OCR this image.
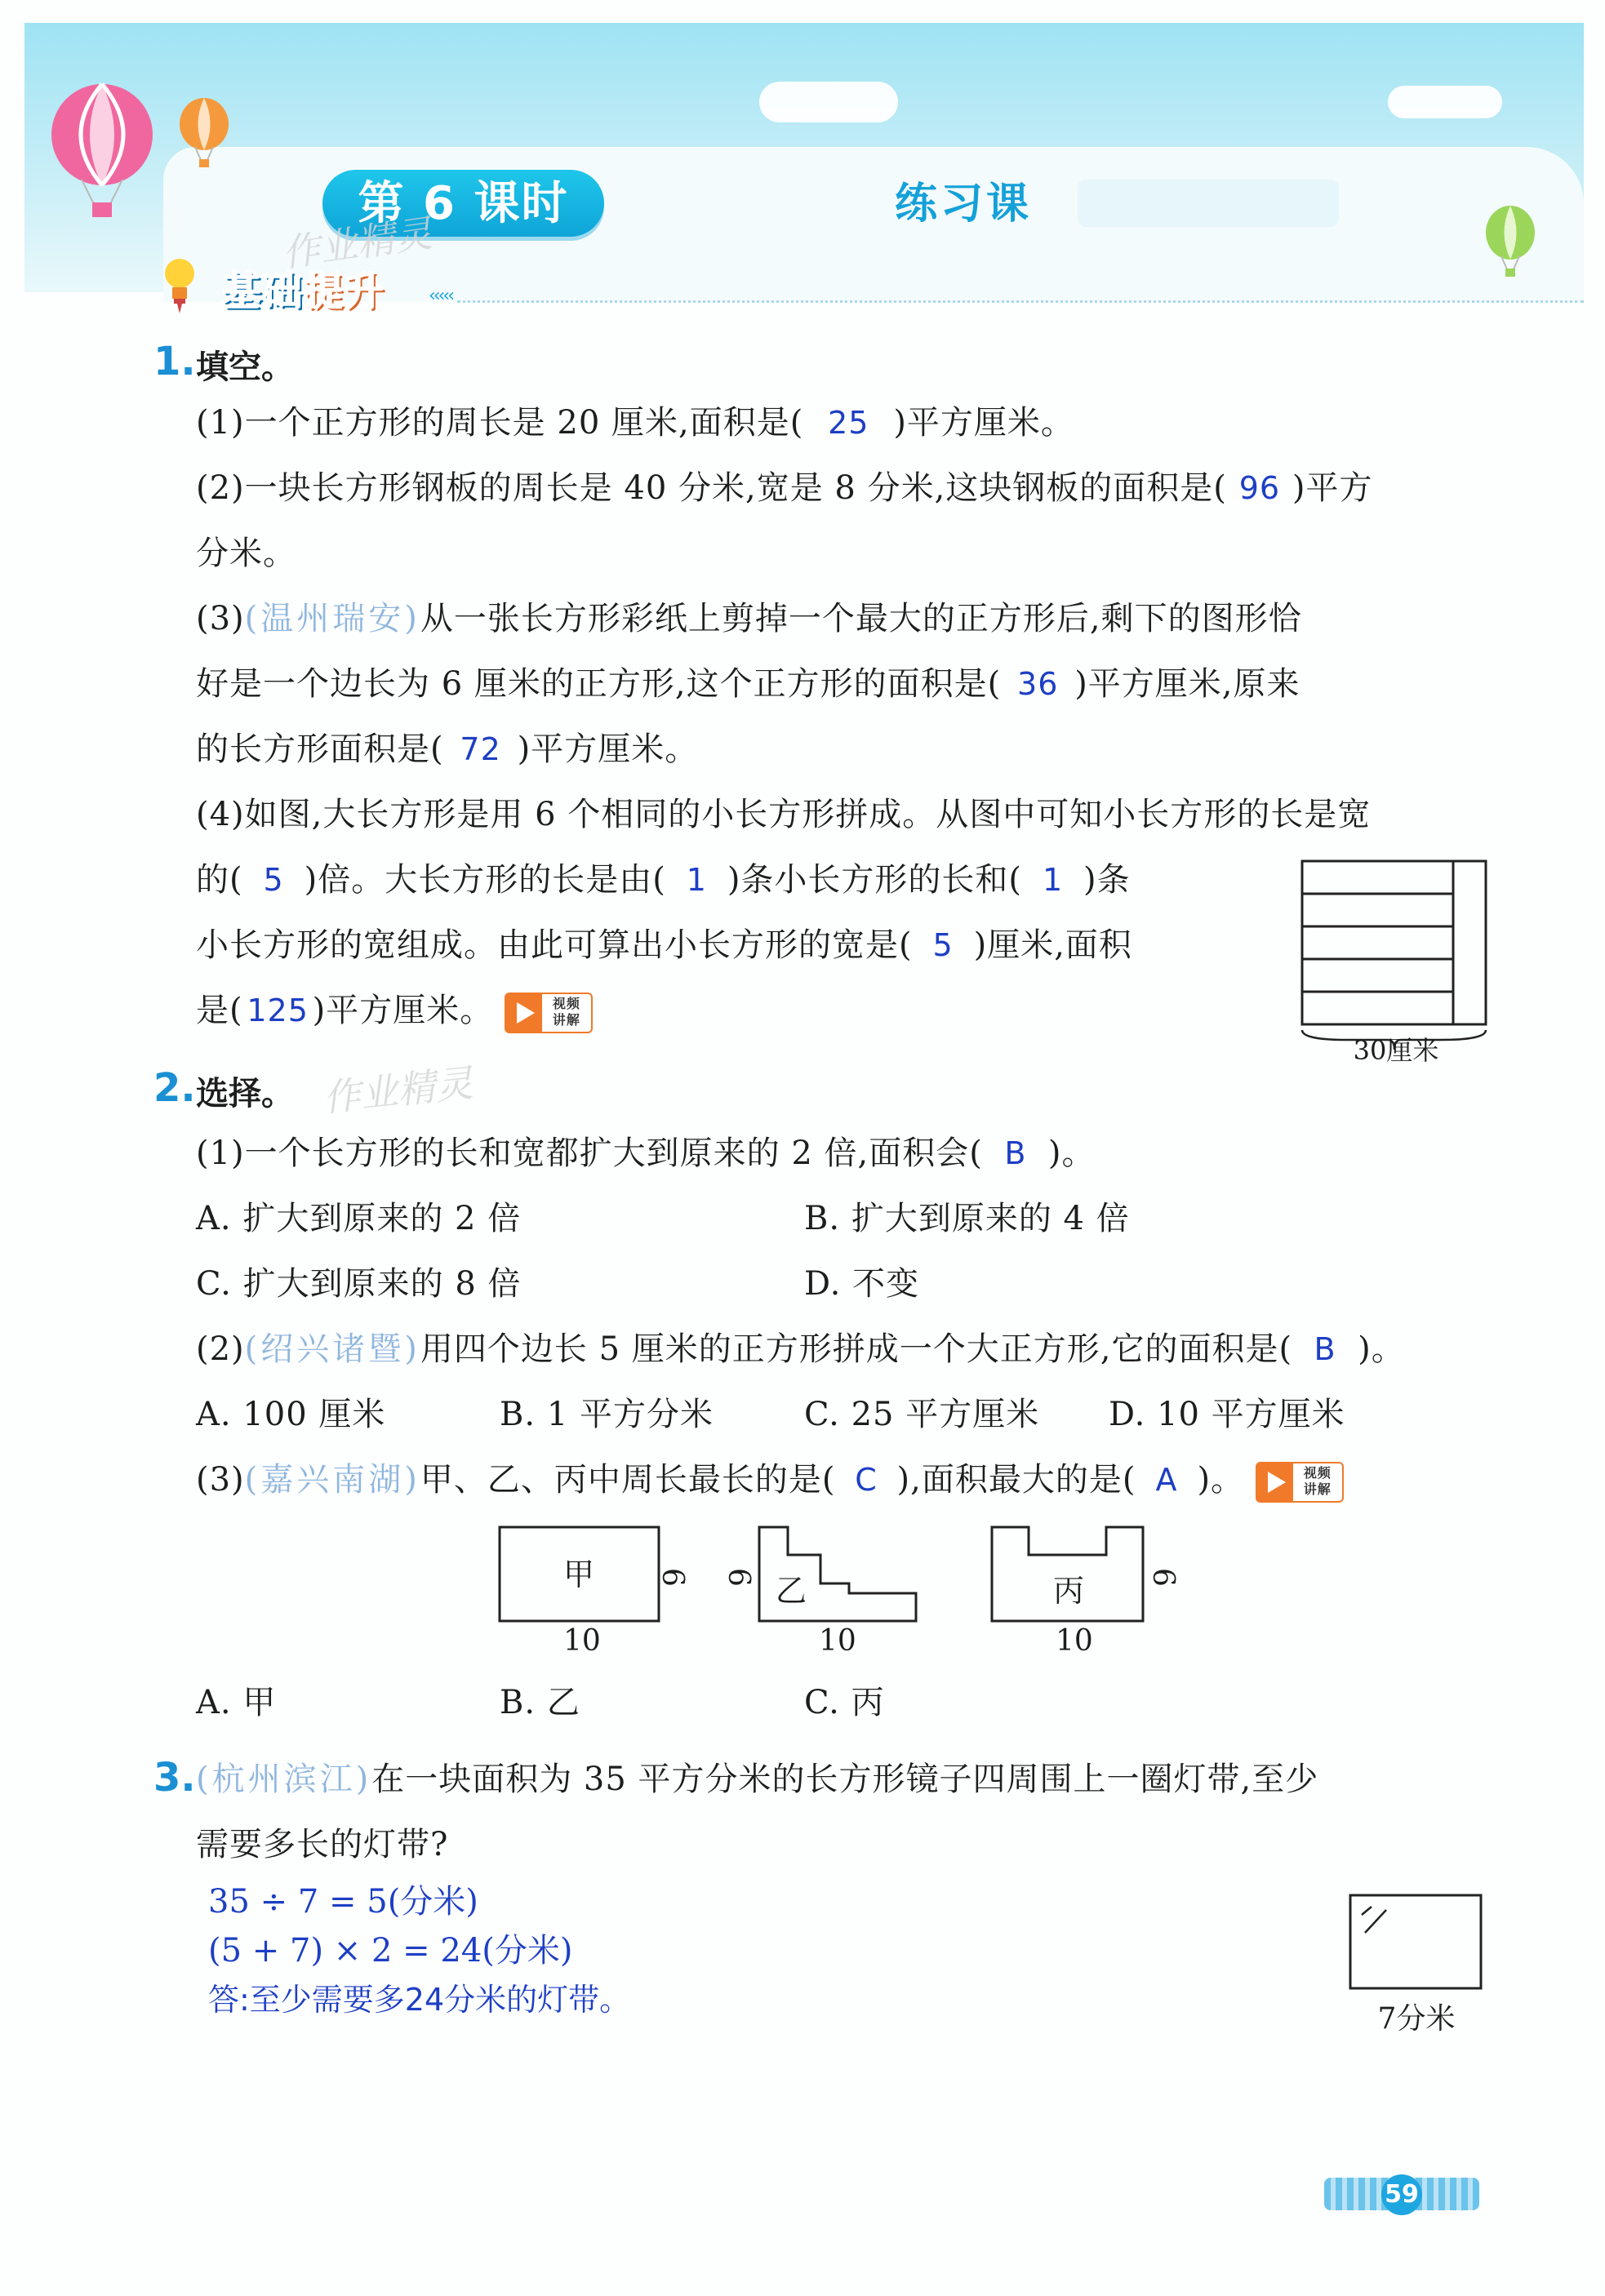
第 6 课时	练习课
作业精灵
基础提升 ‹‹‹‹‹
1. 填空。
(1)一个正方形的周长是 20 厘米,面积是( 25 )平方厘米。
(2)一块长方形钢板的周长是 40 分米,宽是 8 分米,这块钢板的面积是( 96 )平方
分米。
(3)(温州瑞安)从一张长方形彩纸上剪掉一个最大的正方形后,剩下的图形恰
好是一个边长为 6 厘米的正方形,这个正方形的面积是( 36 )平方厘米,原来
的长方形面积是( 72 )平方厘米。
(4)如图,大长方形是用 6 个相同的小长方形拼成。从图中可知小长方形的长是宽
的( 5 )倍。大长方形的长是由( 1 )条小长方形的长和( 1 )条
小长方形的宽组成。由此可算出小长方形的宽是( 5 )厘米,面积
是( 125 )平方厘米。	视频
讲解
30厘米
2. 选择。 作业精灵
(1)一个长方形的长和宽都扩大到原来的 2 倍,面积会( B )。
A. 扩大到原来的 2 倍	B. 扩大到原来的 4 倍
C. 扩大到原来的 8 倍	D. 不变
(2)(绍兴诸暨)用四个边长 5 厘米的正方形拼成一个大正方形,它的面积是( B )。
A. 100 厘米	B. 1 平方分米	C. 25 平方厘米 D. 10 平方厘米
(3)(嘉兴南湖)甲、乙、丙中周长最长的是( C ),面积最大的是( A )。	视频
讲解
甲	乙	丙
6 6	6
10	10	10
A. 甲	B. 乙	C. 丙
3. (杭州滨江)在一块面积为 35 平方分米的长方形镜子四周围上一圈灯带,至少
需要多长的灯带?
35 ÷ 7 = 5(分米)
(5 + 7) × 2 = 24(分米)
答:至少需要多24分米的灯带。
7分米
59
